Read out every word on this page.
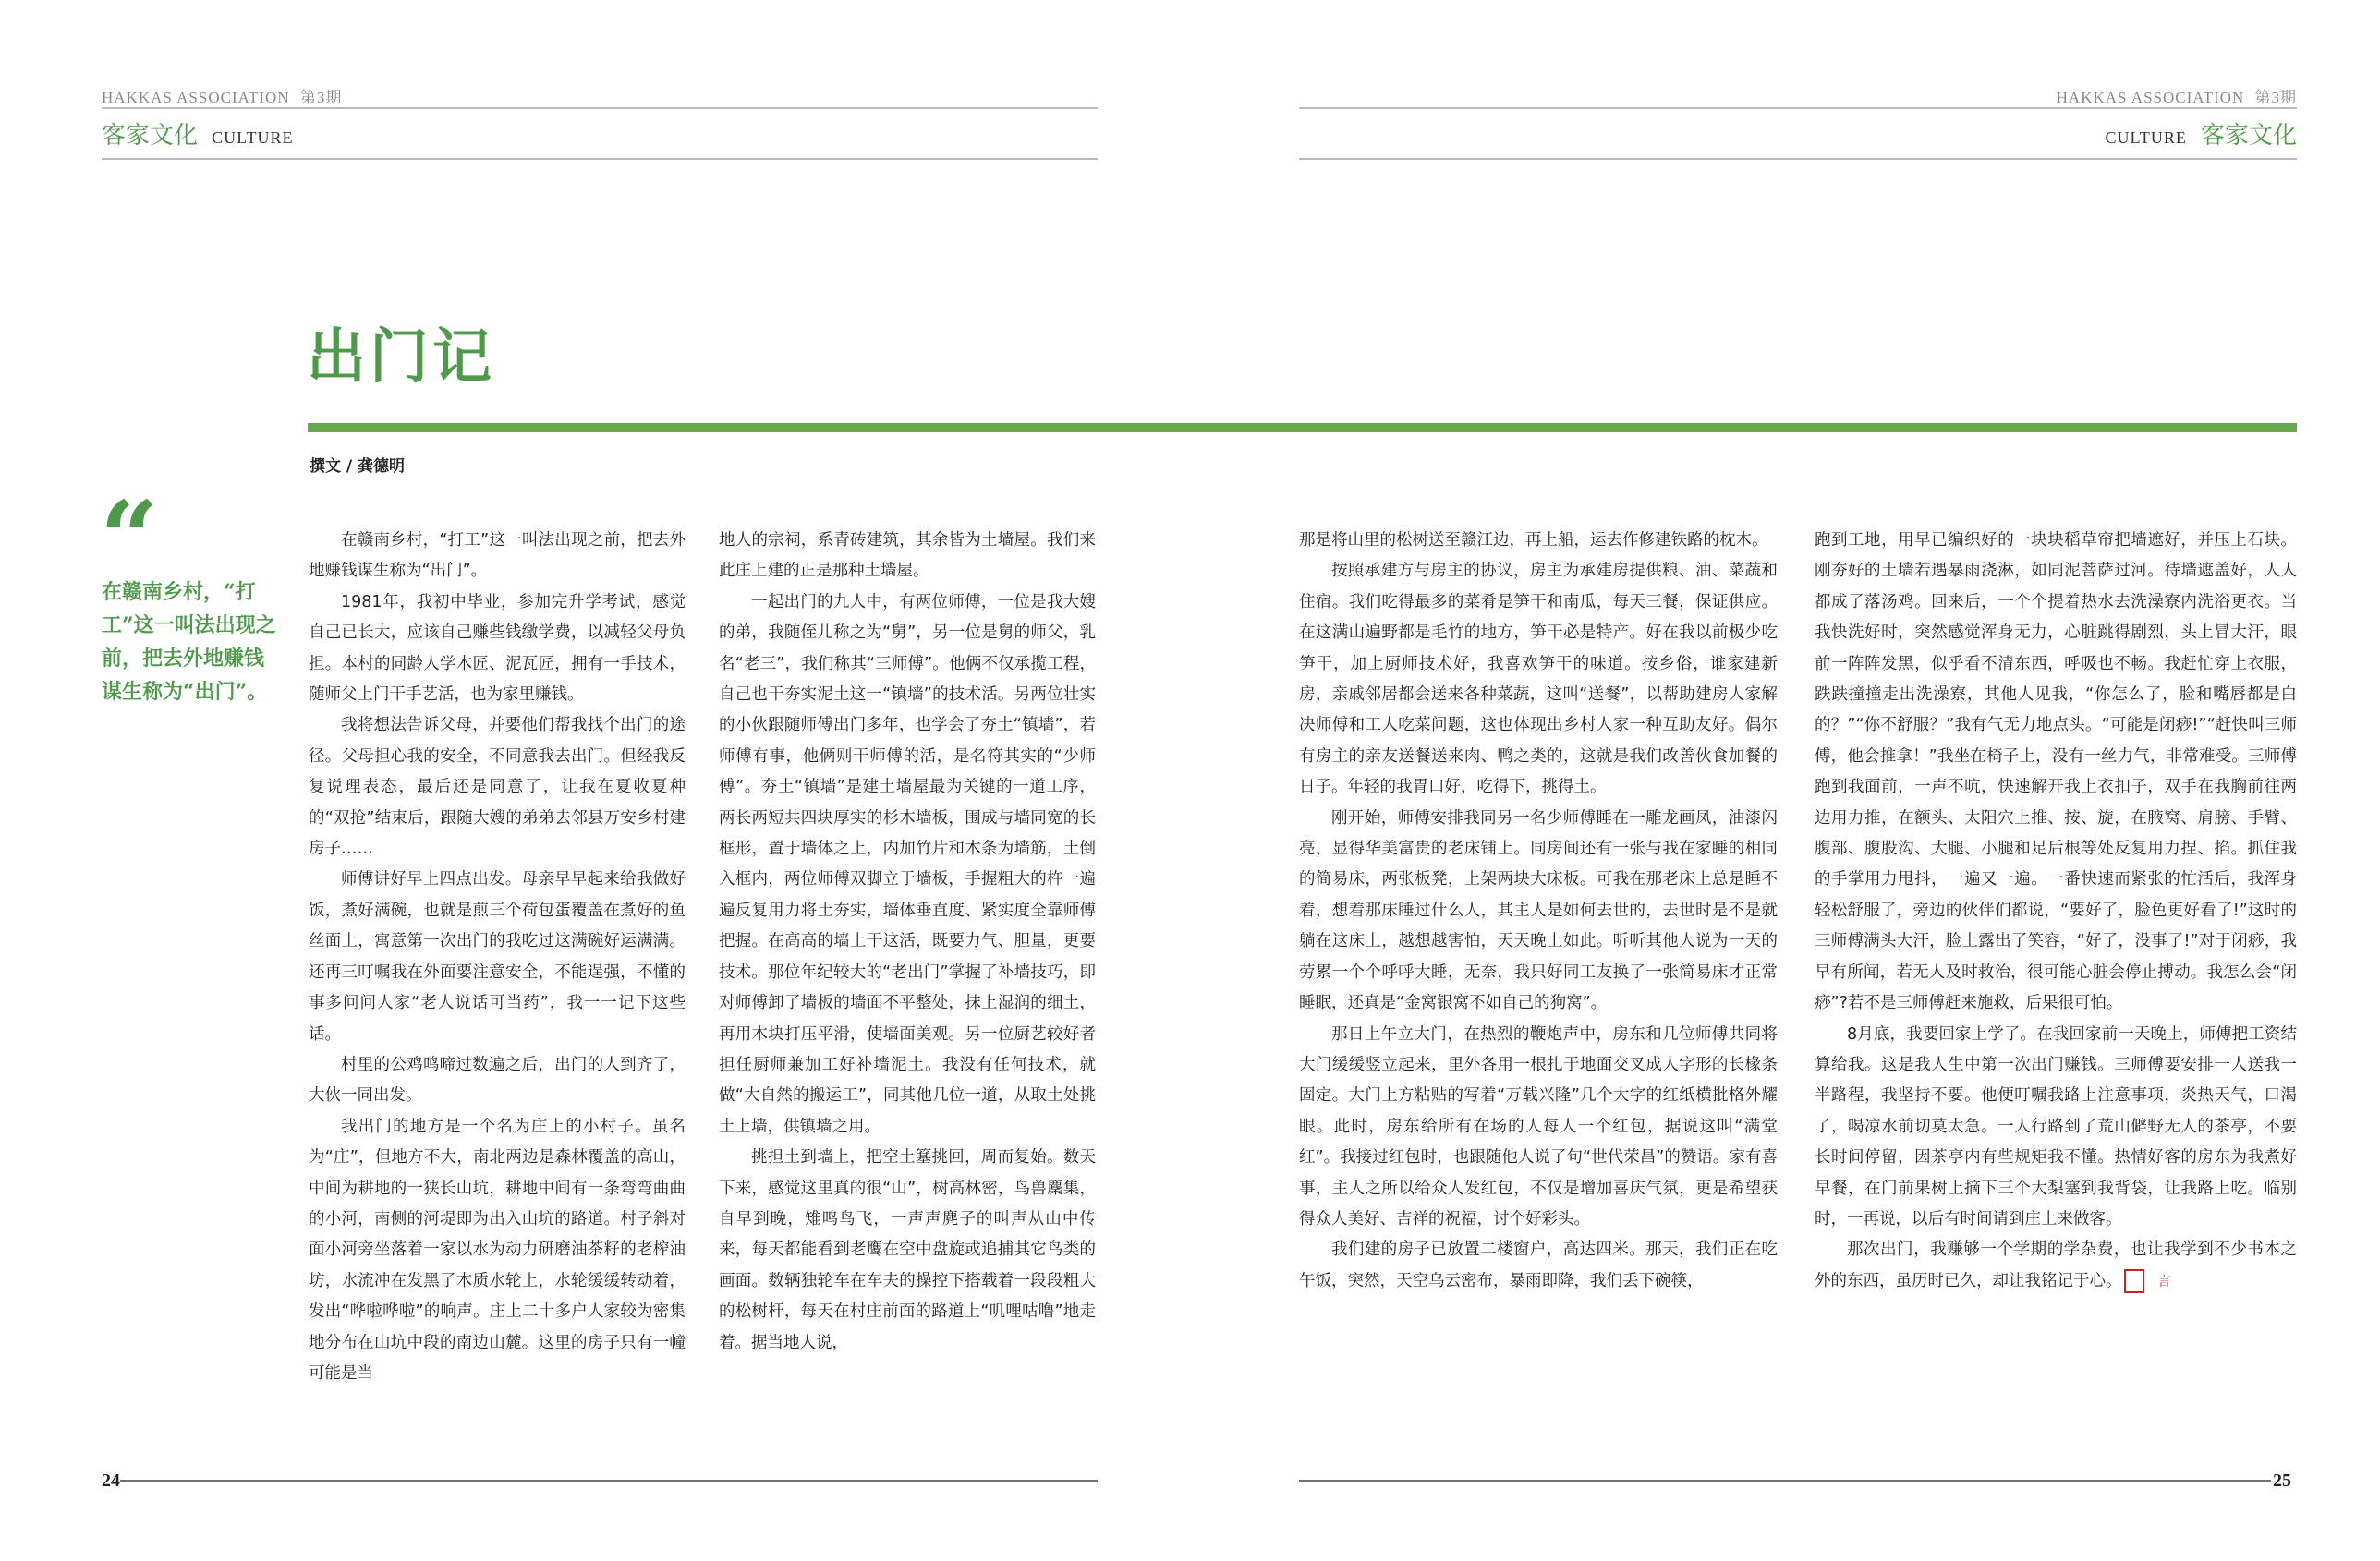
HAKKAS ASSOCIATION 第3期
客家文化 CULTURE
HAKKAS ASSOCIATION 第3期
CULTURE 客家文化
出门记
撰文 / 龚德明
“
在赣南乡村，“打工”这一叫法出现之前，把去外地赚钱谋生称为“出门”。

在赣南乡村，“打工”这一叫法出现之前，把去外地赚钱谋生称为“出门”。

1981年，我初中毕业，参加完升学考试，感觉自己已长大，应该自己赚些钱缴学费，以减轻父母负担。本村的同龄人学木匠、泥瓦匠，拥有一手技术，随师父上门干手艺活，也为家里赚钱。

我将想法告诉父母，并要他们帮我找个出门的途径。父母担心我的安全，不同意我去出门。但经我反复说理表态，最后还是同意了，让我在夏收夏种的“双抢”结束后，跟随大嫂的弟弟去邻县万安乡村建房子……

师傅讲好早上四点出发。母亲早早起来给我做好饭，煮好满碗，也就是煎三个荷包蛋覆盖在煮好的鱼丝面上，寓意第一次出门的我吃过这满碗好运满满。还再三叮嘱我在外面要注意安全，不能逞强，不懂的事多问问人家“老人说话可当药”，我一一记下这些话。

村里的公鸡鸣啼过数遍之后，出门的人到齐了，大伙一同出发。

我出门的地方是一个名为庄上的小村子。虽名为“庄”，但地方不大，南北两边是森林覆盖的高山，中间为耕地的一狭长山坑，耕地中间有一条弯弯曲曲的小河，南侧的河堤即为出入山坑的路道。村子斜对面小河旁坐落着一家以水为动力研磨油茶籽的老榨油坊，水流冲在发黑了木质水轮上，水轮缓缓转动着，发出“哗啦哗啦”的响声。庄上二十多户人家较为密集地分布在山坑中段的南边山麓。这里的房子只有一幢可能是当

地人的宗祠，系青砖建筑，其余皆为土墙屋。我们来此庄上建的正是那种土墙屋。

一起出门的九人中，有两位师傅，一位是我大嫂的弟，我随侄儿称之为“舅”，另一位是舅的师父，乳名“老三”，我们称其“三师傅”。他俩不仅承揽工程，自己也干夯实泥土这一“镇墙”的技术活。另两位壮实的小伙跟随师傅出门多年，也学会了夯土“镇墙”，若师傅有事，他俩则干师傅的活，是名符其实的“少师傅”。夯土“镇墙”是建土墙屋最为关键的一道工序，两长两短共四块厚实的杉木墙板，围成与墙同宽的长框形，置于墙体之上，内加竹片和木条为墙筋，土倒入框内，两位师傅双脚立于墙板，手握粗大的杵一遍遍反复用力将土夯实，墙体垂直度、紧实度全靠师傅把握。在高高的墙上干这活，既要力气、胆量，更要技术。那位年纪较大的“老出门”掌握了补墙技巧，即对师傅卸了墙板的墙面不平整处，抹上湿润的细土，再用木块打压平滑，使墙面美观。另一位厨艺较好者担任厨师兼加工好补墙泥土。我没有任何技术，就做“大自然的搬运工”，同其他几位一道，从取土处挑土上墙，供镇墙之用。

挑担土到墙上，把空土簊挑回，周而复始。数天下来，感觉这里真的很“山”，树高林密，鸟兽麇集，自早到晚，雉鸣鸟飞，一声声麂子的叫声从山中传来，每天都能看到老鹰在空中盘旋或追捕其它鸟类的画面。数辆独轮车在车夫的操控下搭载着一段段粗大的松树杆，每天在村庄前面的路道上“叽哩咕噜”地走着。据当地人说，

那是将山里的松树送至赣江边，再上船，运去作修建铁路的枕木。

按照承建方与房主的协议，房主为承建房提供粮、油、菜蔬和住宿。我们吃得最多的菜肴是笋干和南瓜，每天三餐，保证供应。在这满山遍野都是毛竹的地方，笋干必是特产。好在我以前极少吃笋干，加上厨师技术好，我喜欢笋干的味道。按乡俗，谁家建新房，亲戚邻居都会送来各种菜蔬，这叫“送餐”，以帮助建房人家解决师傅和工人吃菜问题，这也体现出乡村人家一种互助友好。偶尔有房主的亲友送餐送来肉、鸭之类的，这就是我们改善伙食加餐的日子。年轻的我胃口好，吃得下，挑得土。

刚开始，师傅安排我同另一名少师傅睡在一雕龙画凤，油漆闪亮，显得华美富贵的老床铺上。同房间还有一张与我在家睡的相同的简易床，两张板凳，上架两块大床板。可我在那老床上总是睡不着，想着那床睡过什么人，其主人是如何去世的，去世时是不是就躺在这床上，越想越害怕，天天晚上如此。听听其他人说为一天的劳累一个个呼呼大睡，无奈，我只好同工友换了一张简易床才正常睡眠，还真是“金窝银窝不如自己的狗窝”。

那日上午立大门，在热烈的鞭炮声中，房东和几位师傅共同将大门缓缓竖立起来，里外各用一根扎于地面交叉成人字形的长椽条固定。大门上方粘贴的写着“万载兴隆”几个大字的红纸横批格外耀眼。此时，房东给所有在场的人每人一个红包，据说这叫“满堂红”。我接过红包时，也跟随他人说了句“世代荣昌”的赞语。家有喜事，主人之所以给众人发红包，不仅是增加喜庆气氛，更是希望获得众人美好、吉祥的祝福，讨个好彩头。

我们建的房子已放置二楼窗户，高达四米。那天，我们正在吃午饭，突然，天空乌云密布，暴雨即降，我们丢下碗筷，

跑到工地，用早已编织好的一块块稻草帘把墙遮好，并压上石块。刚夯好的土墙若遇暴雨浇淋，如同泥菩萨过河。待墙遮盖好，人人都成了落汤鸡。回来后，一个个提着热水去洗澡寮内洗浴更衣。当我快洗好时，突然感觉浑身无力，心脏跳得剧烈，头上冒大汗，眼前一阵阵发黑，似乎看不清东西，呼吸也不畅。我赶忙穿上衣服，跌跌撞撞走出洗澡寮，其他人见我，“你怎么了，脸和嘴唇都是白的？”“你不舒服？”我有气无力地点头。“可能是闭痧!”“赶快叫三师傅，他会推拿！”我坐在椅子上，没有一丝力气，非常难受。三师傅跑到我面前，一声不吭，快速解开我上衣扣子，双手在我胸前往两边用力推，在额头、太阳穴上推、按、旋，在腋窝、肩膀、手臂、腹部、腹股沟、大腿、小腿和足后根等处反复用力捏、掐。抓住我的手掌用力甩抖，一遍又一遍。一番快速而紧张的忙活后，我浑身轻松舒服了，旁边的伙伴们都说，“要好了，脸色更好看了!”这时的三师傅满头大汗，脸上露出了笑容，“好了，没事了!”对于闭痧，我早有所闻，若无人及时救治，很可能心脏会停止搏动。我怎么会“闭痧”?若不是三师傅赶来施救，后果很可怕。

8月底，我要回家上学了。在我回家前一天晚上，师傅把工资结算给我。这是我人生中第一次出门赚钱。三师傅要安排一人送我一半路程，我坚持不要。他便叮嘱我路上注意事项，炎热天气，口渴了，喝凉水前切莫太急。一人行路到了荒山僻野无人的茶亭，不要长时间停留，因茶亭内有些规矩我不懂。热情好客的房东为我煮好早餐，在门前果树上摘下三个大梨塞到我背袋，让我路上吃。临别时，一再说，以后有时间请到庄上来做客。

那次出门，我赚够一个学期的学杂费，也让我学到不少书本之外的东西，虽历时已久，却让我铭记于心。	言

24	25
